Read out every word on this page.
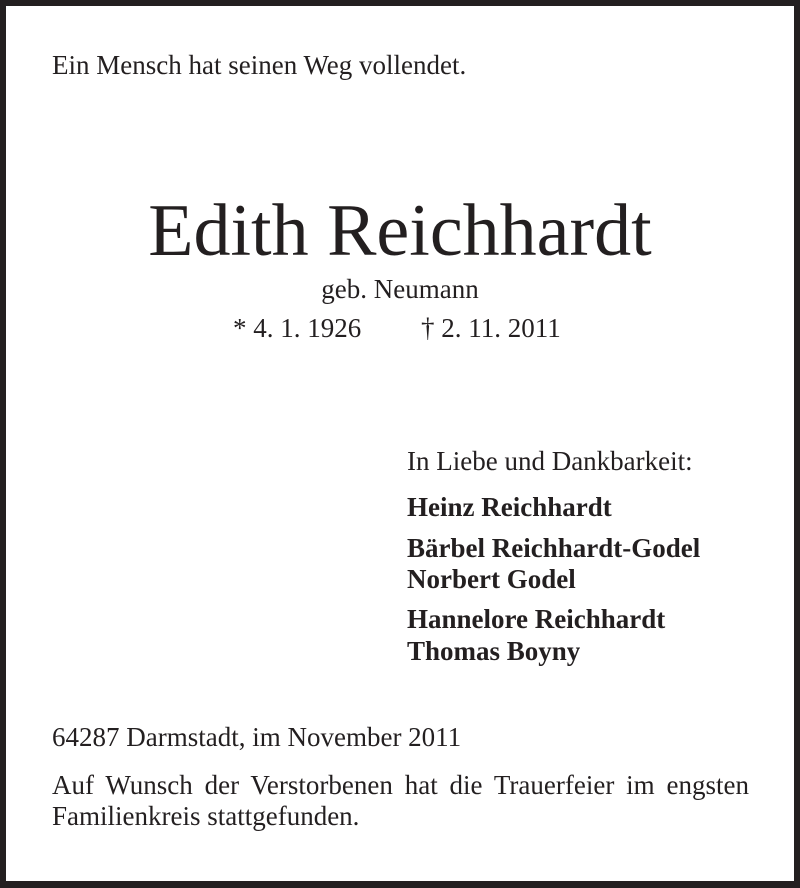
Ein Mensch hat seinen Weg vollendet.
Edith Reichhardt
geb. Neumann
* 4. 1. 1926 † 2. 11. 2011
In Liebe und Dankbarkeit:
Heinz Reichhardt
Bärbel Reichhardt-Godel
Norbert Godel
Hannelore Reichhardt
Thomas Boyny
64287 Darmstadt, im November 2011
Auf Wunsch der Verstorbenen hat die Trauerfeier im engsten Familienkreis stattgefunden.
